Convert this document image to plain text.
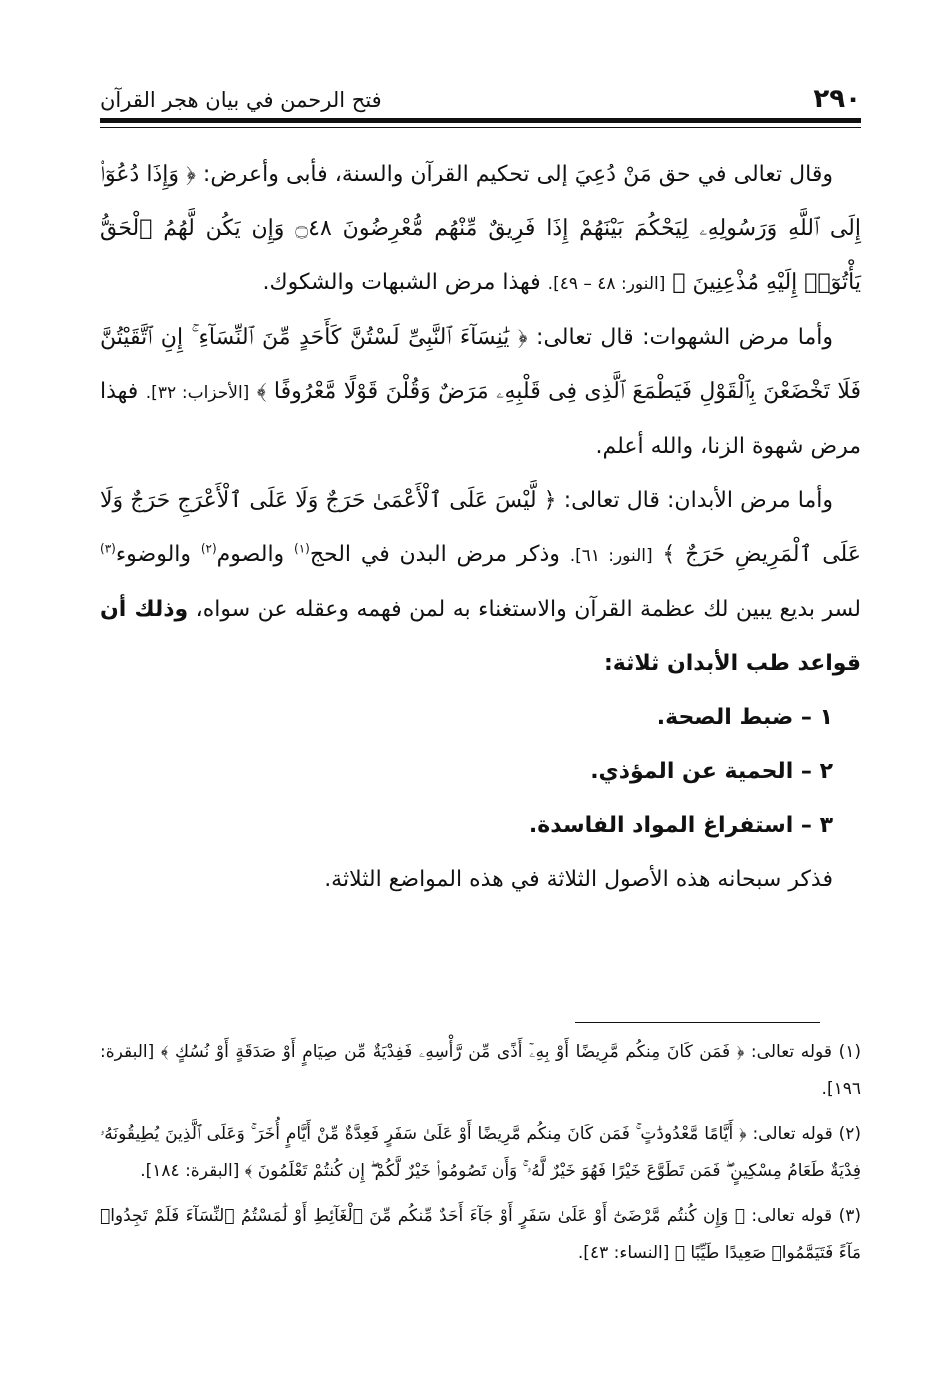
٢٩٠
فتح الرحمن في بيان هجر القرآن

وقال تعالى في حق مَنْ دُعِيَ إلى تحكيم القرآن والسنة، فأبى وأعرض: ﴿ وَإِذَا دُعُوٓا۟ إِلَى ٱللَّهِ وَرَسُولِهِۦ لِيَحْكُمَ بَيْنَهُمْ إِذَا فَرِيقٌ مِّنْهُم مُّعْرِضُونَ ۝٤٨ وَإِن يَكُن لَّهُمُ ٱلْحَقُّ يَأْتُوٓا۟ إِلَيْهِ مُذْعِنِينَ ﴾ [النور: ٤٨ – ٤٩]. فهذا مرض الشبهات والشكوك.

وأما مرض الشهوات: قال تعالى: ﴿ يَٰنِسَآءَ ٱلنَّبِىِّ لَسْتُنَّ كَأَحَدٍ مِّنَ ٱلنِّسَآءِ ۚ إِنِ ٱتَّقَيْتُنَّ فَلَا تَخْضَعْنَ بِٱلْقَوْلِ فَيَطْمَعَ ٱلَّذِى فِى قَلْبِهِۦ مَرَضٌ وَقُلْنَ قَوْلًا مَّعْرُوفًا ﴾ [الأحزاب: ٣٢]. فهذا مرض شهوة الزنا، والله أعلم.

وأما مرض الأبدان: قال تعالى: ﴿ لَّيْسَ عَلَى ٱلْأَعْمَىٰ حَرَجٌ وَلَا عَلَى ٱلْأَعْرَجِ حَرَجٌ وَلَا عَلَى ٱلْمَرِيضِ حَرَجٌ ﴾ [النور: ٦١]. وذكر مرض البدن في الحج$^{(١)}$ والصوم$^{(٢)}$ والوضوء$^{(٣)}$ لسر بديع يبين لك عظمة القرآن والاستغناء به لمن فهمه وعقله عن سواه، وذلك أن قواعد طب الأبدان ثلاثة:

١ – ضبط الصحة.

٢ – الحمية عن المؤذي.

٣ – استفراغ المواد الفاسدة.

فذكر سبحانه هذه الأصول الثلاثة في هذه المواضع الثلاثة.

(١) قوله تعالى: ﴿ فَمَن كَانَ مِنكُم مَّرِيضًا أَوْ بِهِۦٓ أَذًى مِّن رَّأْسِهِۦ فَفِدْيَةٌ مِّن صِيَامٍ أَوْ صَدَقَةٍ أَوْ نُسُكٍ ﴾ [البقرة: ١٩٦].

(٢) قوله تعالى: ﴿ أَيَّامًا مَّعْدُودَٰتٍ ۚ فَمَن كَانَ مِنكُم مَّرِيضًا أَوْ عَلَىٰ سَفَرٍ فَعِدَّةٌ مِّنْ أَيَّامٍ أُخَرَ ۚ وَعَلَى ٱلَّذِينَ يُطِيقُونَهُۥ فِدْيَةٌ طَعَامُ مِسْكِينٍ ۖ فَمَن تَطَوَّعَ خَيْرًا فَهُوَ خَيْرٌ لَّهُۥ ۚ وَأَن تَصُومُوا۟ خَيْرٌ لَّكُمْ ۖ إِن كُنتُمْ تَعْلَمُونَ ﴾ [البقرة: ١٨٤].

(٣) قوله تعالى: ﴿ وَإِن كُنتُم مَّرْضَىٰٓ أَوْ عَلَىٰ سَفَرٍ أَوْ جَآءَ أَحَدٌ مِّنكُم مِّنَ ٱلْغَآئِطِ أَوْ لَٰمَسْتُمُ ٱلنِّسَآءَ فَلَمْ تَجِدُوا۟ مَآءً فَتَيَمَّمُوا۟ صَعِيدًا طَيِّبًا ﴾ [النساء: ٤٣].
